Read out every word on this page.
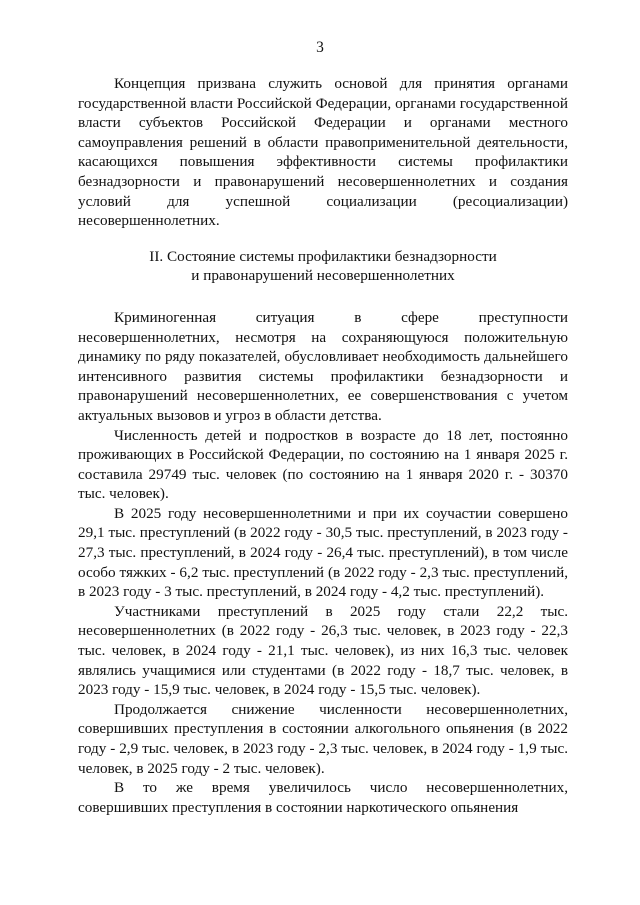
3

Концепция призвана служить основой для принятия органами государственной власти Российской Федерации, органами государственной власти субъектов Российской Федерации и органами местного самоуправления решений в области правоприменительной деятельности, касающихся повышения эффективности системы профилактики безнадзорности и правонарушений несовершеннолетних и создания условий для успешной социализации (ресоциализации) несовершеннолетних.

II. Состояние системы профилактики безнадзорности
и правонарушений несовершеннолетних

Криминогенная ситуация в сфере преступности несовершеннолетних, несмотря на сохраняющуюся положительную динамику по ряду показателей, обусловливает необходимость дальнейшего интенсивного развития системы профилактики безнадзорности и правонарушений несовершеннолетних, ее совершенствования с учетом актуальных вызовов и угроз в области детства.

Численность детей и подростков в возрасте до 18 лет, постоянно проживающих в Российской Федерации, по состоянию на 1 января 2025 г. составила 29749 тыс. человек (по состоянию на 1 января 2020 г. - 30370 тыс. человек).

В 2025 году несовершеннолетними и при их соучастии совершено 29,1 тыс. преступлений (в 2022 году - 30,5 тыс. преступлений, в 2023 году - 27,3 тыс. преступлений, в 2024 году - 26,4 тыс. преступлений), в том числе особо тяжких - 6,2 тыс. преступлений (в 2022 году - 2,3 тыс. преступлений, в 2023 году - 3 тыс. преступлений, в 2024 году - 4,2 тыс. преступлений).

Участниками преступлений в 2025 году стали 22,2 тыс. несовершеннолетних (в 2022 году - 26,3 тыс. человек, в 2023 году - 22,3 тыс. человек, в 2024 году - 21,1 тыс. человек), из них 16,3 тыс. человек являлись учащимися или студентами (в 2022 году - 18,7 тыс. человек, в 2023 году - 15,9 тыс. человек, в 2024 году - 15,5 тыс. человек).

Продолжается снижение численности несовершеннолетних, совершивших преступления в состоянии алкогольного опьянения (в 2022 году - 2,9 тыс. человек, в 2023 году - 2,3 тыс. человек, в 2024 году - 1,9 тыс. человек, в 2025 году - 2 тыс. человек).

В то же время увеличилось число несовершеннолетних, совершивших преступления в состоянии наркотического опьянения
